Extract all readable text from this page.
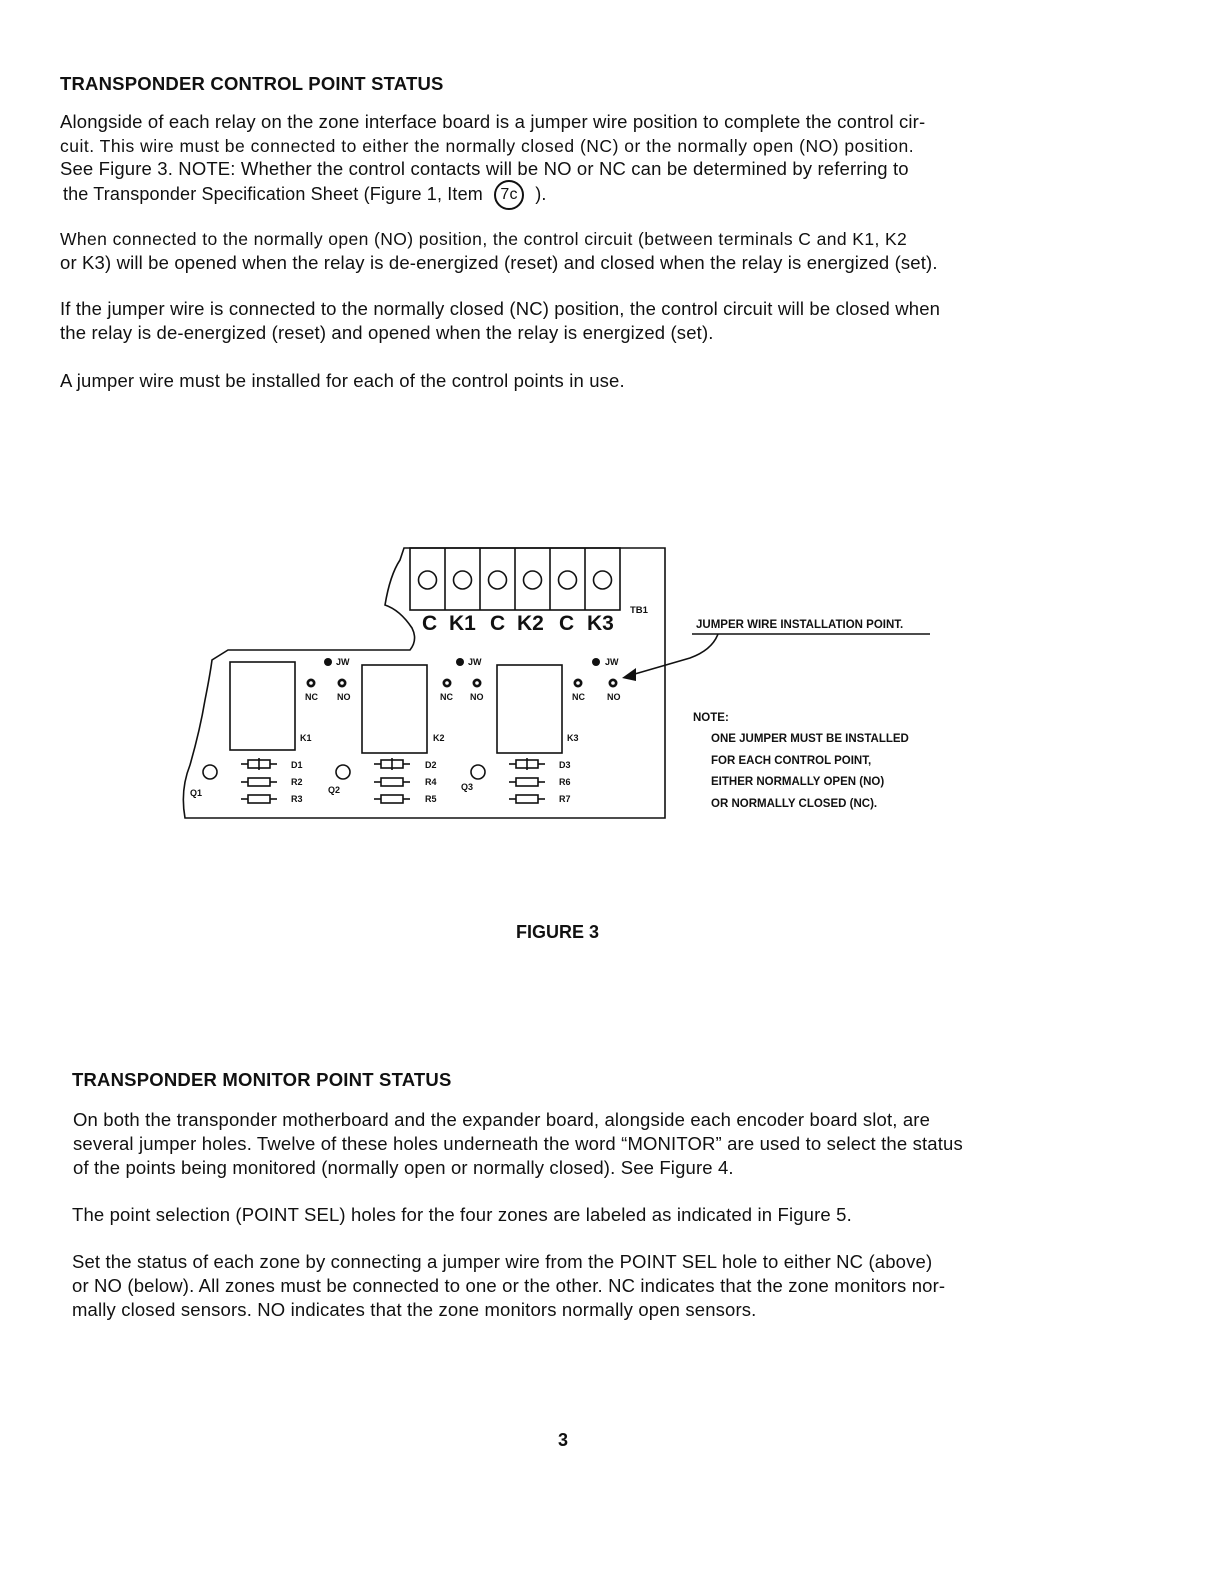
TRANSPONDER CONTROL POINT STATUS

Alongside of each relay on the zone interface board is a jumper wire position to complete the control cir-

cuit. This wire must be connected to either the normally closed (NC) or the normally open (NO) position.

See Figure 3. NOTE: Whether the control contacts will be NO or NC can be determined by referring to

the Transponder Specification Sheet (Figure 1, Item 7c ).

When connected to the normally open (NO) position, the control circuit (between terminals C and K1, K2

or K3) will be opened when the relay is de-energized (reset) and closed when the relay is energized (set).

If the jumper wire is connected to the normally closed (NC) position, the control circuit will be closed when

the relay is de-energized (reset) and opened when the relay is energized (set).

A jumper wire must be installed for each of the control points in use.

C K1 C K2 C K3
TB1
JW	JW	JW
NC NO	NC NO	NC NO
K1	K2	K3
Q1	Q2	Q3
D1
R2
R3
D2
R4
R5
D3
R6
R7
JUMPER WIRE INSTALLATION POINT.
NOTE:
ONE JUMPER MUST BE INSTALLED
FOR EACH CONTROL POINT,
EITHER NORMALLY OPEN (NO)
OR NORMALLY CLOSED (NC).
FIGURE 3
TRANSPONDER MONITOR POINT STATUS

On both the transponder motherboard and the expander board, alongside each encoder board slot, are

several jumper holes. Twelve of these holes underneath the word “MONITOR” are used to select the status

of the points being monitored (normally open or normally closed). See Figure 4.

The point selection (POINT SEL) holes for the four zones are labeled as indicated in Figure 5.

Set the status of each zone by connecting a jumper wire from the POINT SEL hole to either NC (above)

or NO (below). All zones must be connected to one or the other. NC indicates that the zone monitors nor-

mally closed sensors. NO indicates that the zone monitors normally open sensors.

3
